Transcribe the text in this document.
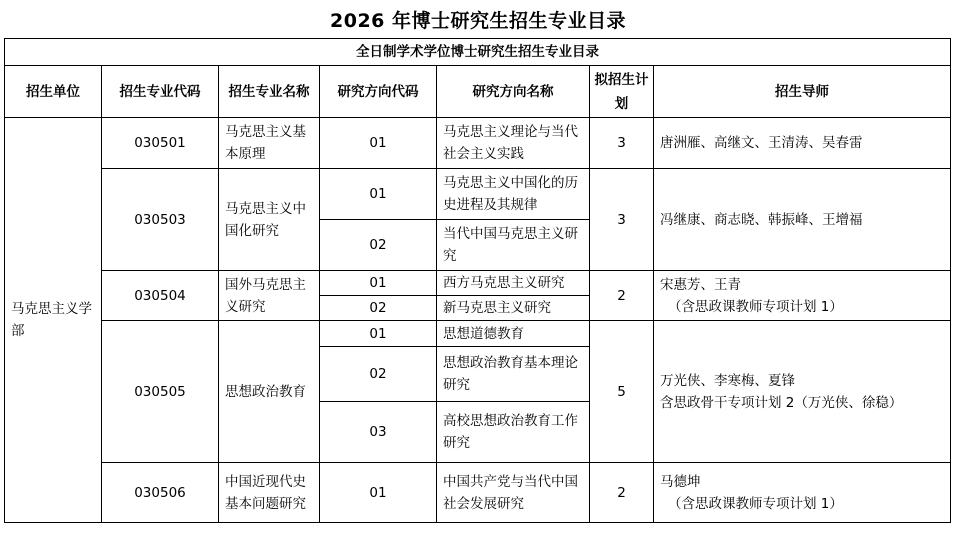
2026 年博士研究生招生专业目录
全日制学术学位博士研究生招生专业目录						
招生单位	招生专业代码	招生专业名称	研究方向代码	研究方向名称	拟招生计划	招生导师
马克思主义学部	030501	马克思主义基本原理	01	马克思主义理论与当代社会主义实践	3	唐洲雁、高继文、王清涛、吴春雷

	030503	马克思主义中国化研究	01	马克思主义中国化的历史进程及其规律	3	冯继康、商志晓、韩振峰、王增福

			02	当代中国马克思主义研究		
	030504	国外马克思主义研究	01	西方马克思主义研究	2	宋惠芳、王青
（含思政课教师专项计划 1）

			02	新马克思主义研究		
	030505	思想政治教育	01	思想道德教育	5	万光侠、李寒梅、夏锋
含思政骨干专项计划 2（万光侠、徐稳）

			02	思想政治教育基本理论研究		
			03	高校思想政治教育工作研究		
	030506	中国近现代史基本问题研究	01	中国共产党与当代中国社会发展研究	2	马德坤
（含思政课教师专项计划 1）
